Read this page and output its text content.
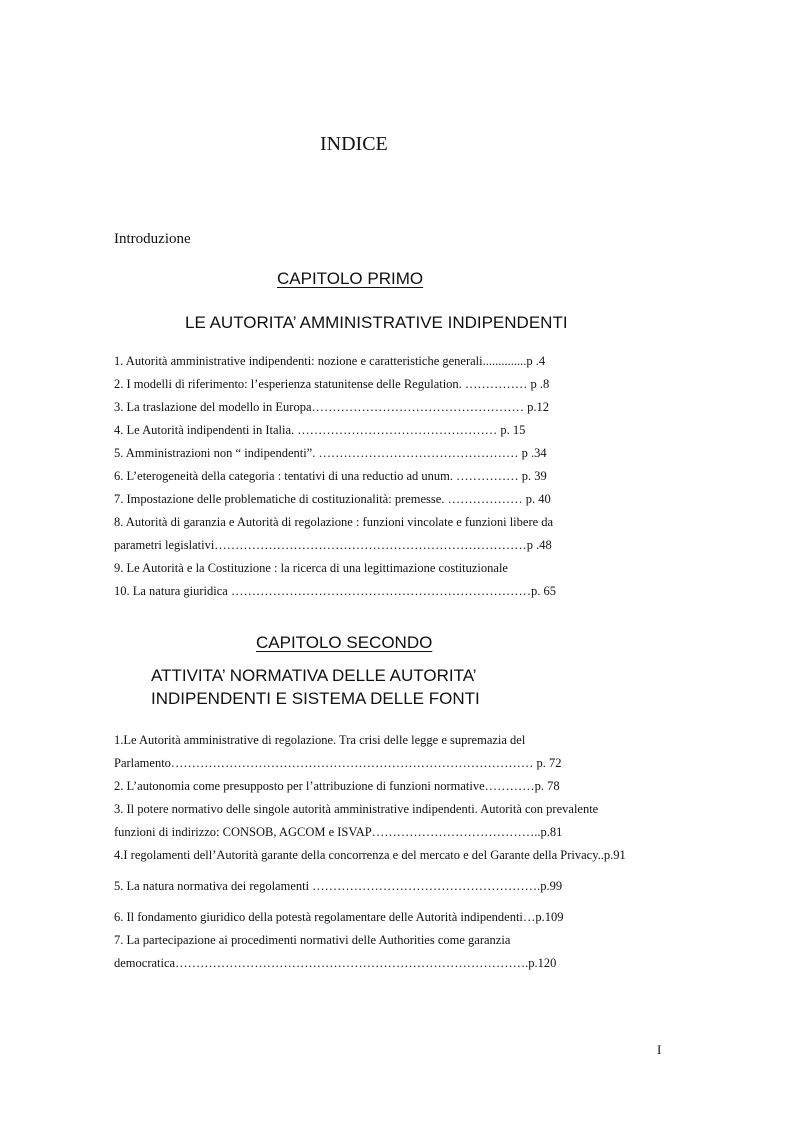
INDICE
Introduzione
CAPITOLO PRIMO
LE AUTORITA’ AMMINISTRATIVE INDIPENDENTI
1. Autorità amministrative indipendenti: nozione e caratteristiche generali..............p .4
2. I modelli di riferimento: l’esperienza statunitense delle Regulation. …………… p .8
3. La traslazione del modello in Europa…………………………………………… p.12
4. Le Autorità indipendenti in Italia. ………………………………………… p. 15
5. Amministrazioni non “ indipendenti”. ………………………………………… p .34
6. L’eterogeneità della categoria : tentativi di una reductio ad unum. …………… p. 39
7. Impostazione delle problematiche di costituzionalità: premesse. ……………… p. 40
8. Autorità di garanzia e Autorità di regolazione : funzioni vincolate e funzioni libere da
parametri legislativi…………………………………………………………………p .48
9. Le Autorità e la Costituzione : la ricerca di una legittimazione costituzionale
10. La natura giuridica ………………………………………………………………p. 65
CAPITOLO SECONDO
ATTIVITA’ NORMATIVA DELLE AUTORITA’
INDIPENDENTI E SISTEMA DELLE FONTI
1.Le Autorità amministrative di regolazione. Tra crisi delle legge e supremazia del
Parlamento…………………………………………………………………………… p. 72
2. L’autonomia come presupposto per l’attribuzione di funzioni normative…………p. 78
3. Il potere normativo delle singole autorità amministrative indipendenti. Autorità con prevalente
funzioni di indirizzo: CONSOB, AGCOM e ISVAP…………………………………..p.81
4.I regolamenti dell’Autorità garante della concorrenza e del mercato e del Garante della Privacy..p.91
5. La natura normativa dei regolamenti ……………………………………………….p.99
6. Il fondamento giuridico della potestà regolamentare delle Autorità indipendenti…p.109
7. La partecipazione ai procedimenti normativi delle Authorities come garanzia
democratica………………………………………………………………………….p.120
I
